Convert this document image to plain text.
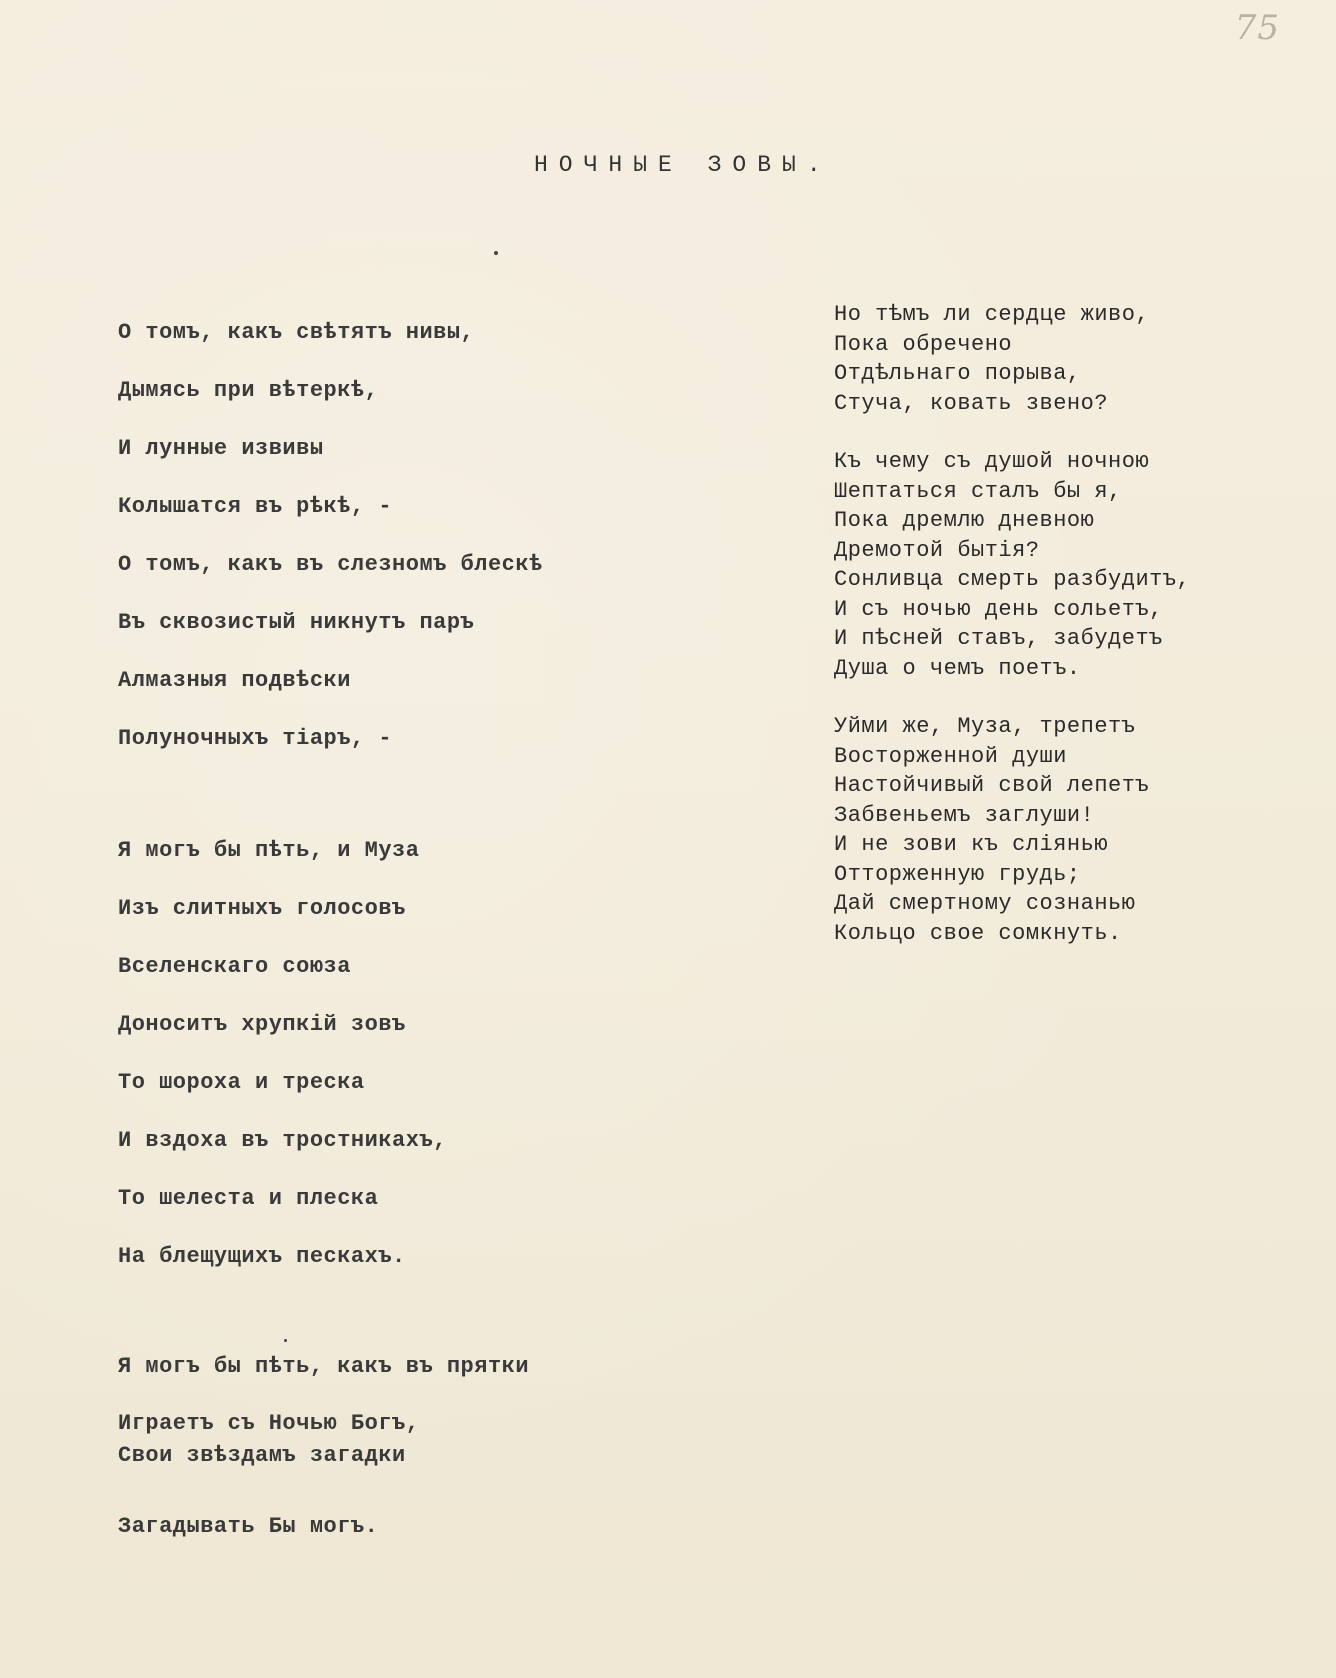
75
НОЧНЫЕ ЗОВЫ.
О томъ, какъ свѣтятъ нивы,
Дымясь при вѣтеркѣ,
И лунные извивы
Колышатся въ рѣкѣ, -
О томъ, какъ въ слезномъ блескѣ
Въ сквозистый никнутъ паръ
Алмазныя подвѣски
Полуночныхъ тіаръ, -
Я могъ бы пѣть, и Муза
Изъ слитныхъ голосовъ
Вселенскаго союза
Доноситъ хрупкій зовъ
То шороха и треска
И вздоха въ тростникахъ,
То шелеста и плеска
На блещущихъ пескахъ.
Я могъ бы пѣть, какъ въ прятки
Играетъ съ Ночью Богъ,
Свои звѣздамъ загадки
Загадывать Бы могъ.
Но тѣмъ ли сердце живо,
Пока обречено
Отдѣльнаго порыва,
Стуча, ковать звено?
Къ чему съ душой ночною
Шептаться сталъ бы я,
Пока дремлю дневною
Дремотой бытія?
Сонливца смерть разбудитъ,
И съ ночью день сольетъ,
И пѣсней ставъ, забудетъ
Душа о чемъ поетъ.
Уйми же, Муза, трепетъ
Восторженной души
Настойчивый свой лепетъ
Забвеньемъ заглуши!
И не зови къ слiянью
Отторженную грудь;
Дай смертному сознанью
Кольцо свое сомкнуть.
